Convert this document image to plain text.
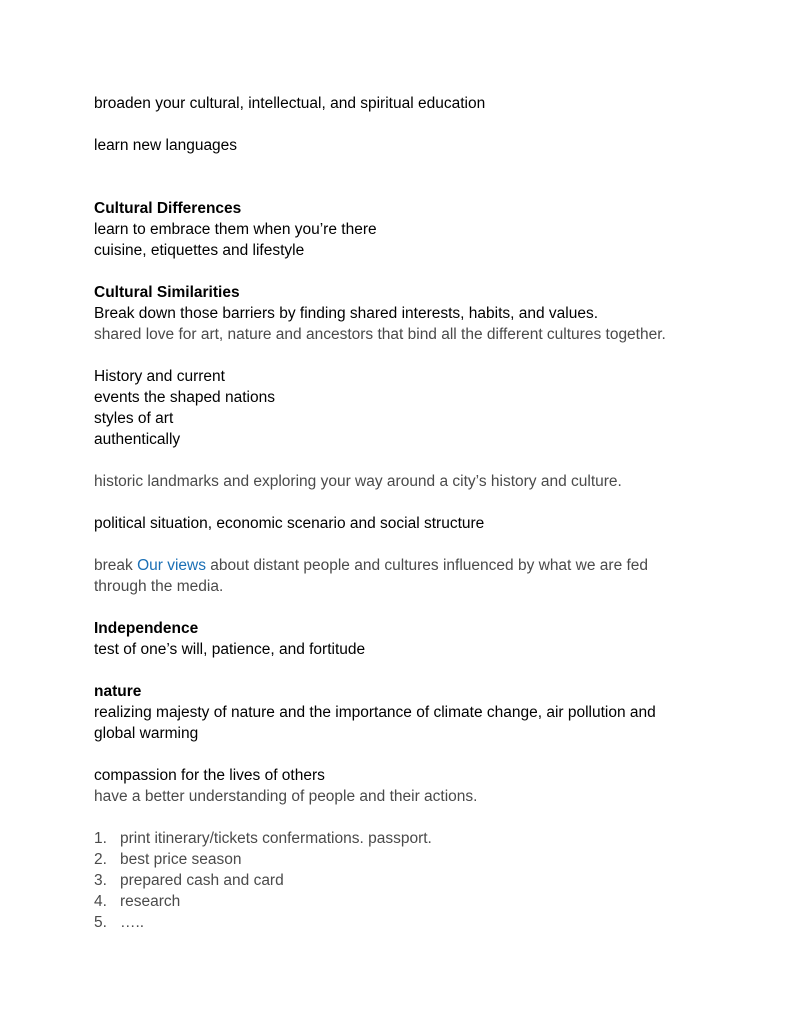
broaden your cultural, intellectual, and spiritual education
learn new languages
Cultural Differences
learn to embrace them when you’re there
cuisine, etiquettes and lifestyle
Cultural Similarities
Break down those barriers by finding shared interests, habits, and values.
shared love for art, nature and ancestors that bind all the different cultures together.
History and current
events the shaped nations
styles of art
authentically
historic landmarks and exploring your way around a city’s history and culture.
political situation, economic scenario and social structure
break Our views about distant people and cultures influenced by what we are fed through the media.
Independence
test of one’s will, patience, and fortitude
nature
realizing majesty of nature and the importance of climate change, air pollution and global warming
compassion for the lives of others
have a better understanding of people and their actions.
1. print itinerary/tickets confermations. passport.
2. best price season
3. prepared cash and card
4. research
5. …..
